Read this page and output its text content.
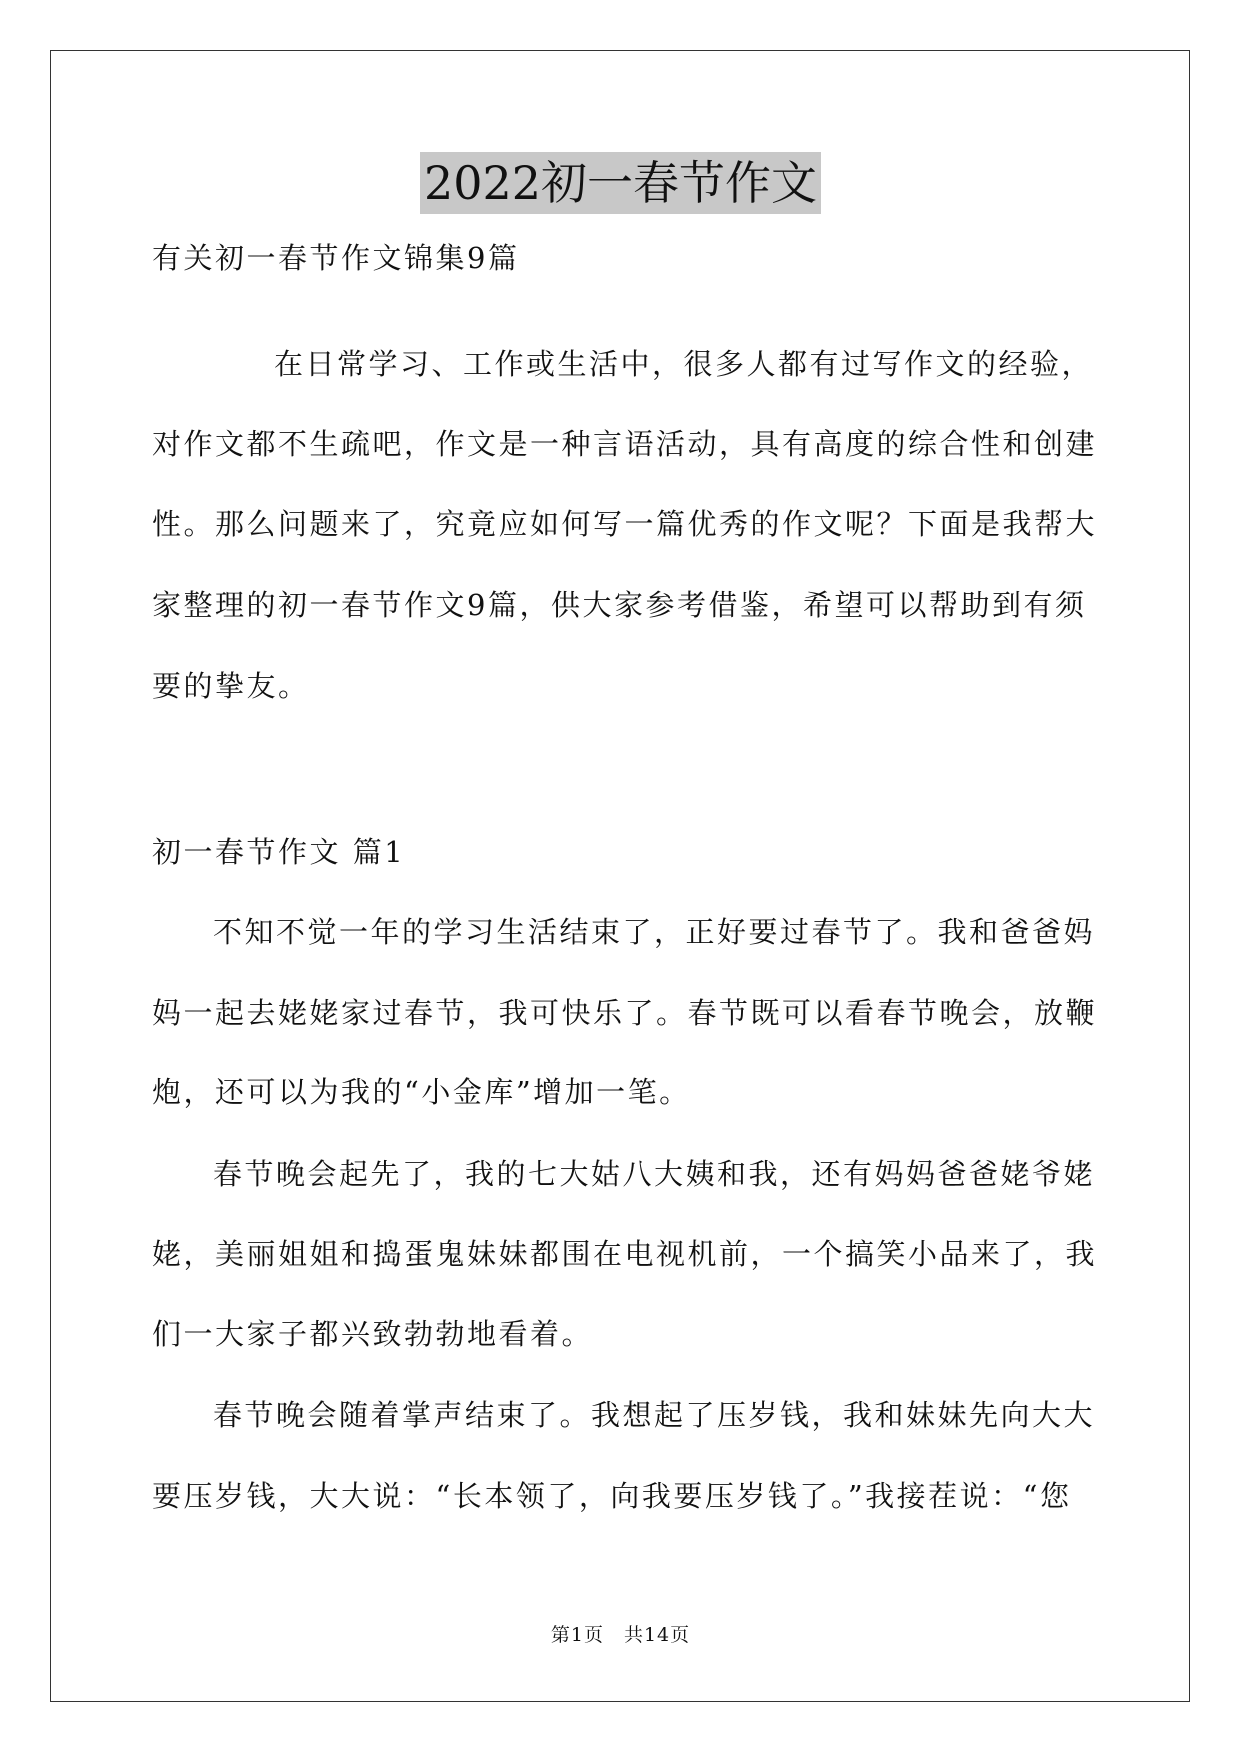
2022初一春节作文
有关初一春节作文锦集9篇
在日常学习、工作或生活中，很多人都有过写作文的经验，
对作文都不生疏吧，作文是一种言语活动，具有高度的综合性和创建
性。那么问题来了，究竟应如何写一篇优秀的作文呢？下面是我帮大
家整理的初一春节作文9篇，供大家参考借鉴，希望可以帮助到有须
要的挚友。
初一春节作文 篇1
不知不觉一年的学习生活结束了，正好要过春节了。我和爸爸妈
妈一起去姥姥家过春节，我可快乐了。春节既可以看春节晚会，放鞭
炮，还可以为我的“小金库”增加一笔。
春节晚会起先了，我的七大姑八大姨和我，还有妈妈爸爸姥爷姥
姥，美丽姐姐和捣蛋鬼妹妹都围在电视机前，一个搞笑小品来了，我
们一大家子都兴致勃勃地看着。
春节晚会随着掌声结束了。我想起了压岁钱，我和妹妹先向大大
要压岁钱，大大说：“长本领了，向我要压岁钱了。”我接茬说：“您
第1页　共14页
